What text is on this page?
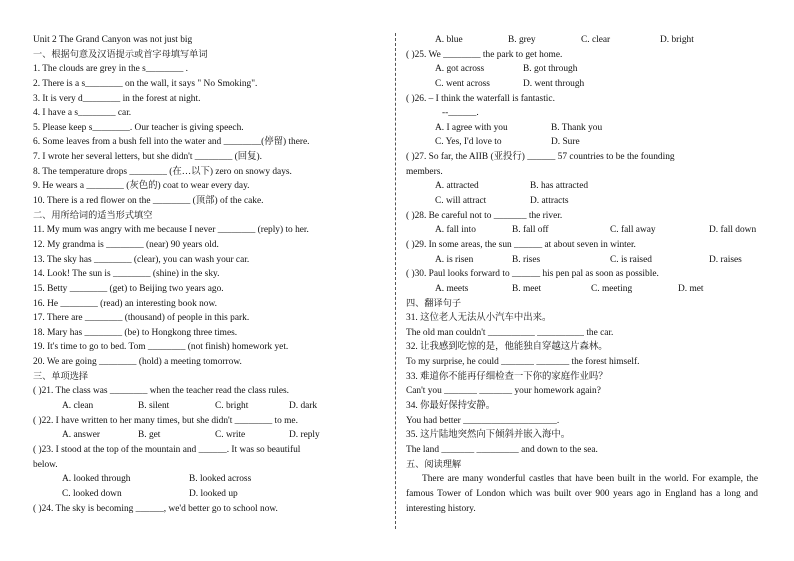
Unit 2 The Grand Canyon was not just big
一、根据句意及汉语提示或首字母填写单词
1. The clouds are grey in the s________ .
2. There is a s________ on the wall, it says " No Smoking".
3. It is very d________ in the forest at night.
4. I have a s________ car.
5. Please keep s________. Our teacher is giving speech.
6. Some leaves from a bush fell into the water and ________(停留) there.
7. I wrote her several letters, but she didn't ________ (回复).
8. The temperature drops ________ (在…以下) zero on snowy days.
9. He wears a ________ (灰色的) coat to wear every day.
10. There is a red flower on the ________ (顶部) of the cake.
二、用所给词的适当形式填空
11. My mum was angry with me because I never ________ (reply) to her.
12. My grandma is ________ (near) 90 years old.
13. The sky has ________ (clear), you can wash your car.
14. Look! The sun is ________ (shine) in the sky.
15. Betty ________ (get) to Beijing two years ago.
16. He ________ (read) an interesting book now.
17. There are ________ (thousand) of people in this park.
18. Mary has ________ (be) to Hongkong three times.
19. It's time to go to bed. Tom ________ (not finish) homework yet.
20. We are going ________ (hold) a meeting tomorrow.
三、单项选择
( )21. The class was ________ when the teacher read the class rules.
A. clean	B. silent	C. bright	D. dark
( )22. I have written to her many times, but she didn't ________ to me.
A. answer	B. get	C. write	D. reply
( )23. I stood at the top of the mountain and ______. It was so beautiful
below.
A. looked through	B. looked across
C. looked down	D. looked up
( )24. The sky is becoming ______, we'd better go to school now.
A. blue	B. grey	C. clear	D. bright
( )25. We ________ the park to get home.
A. got across	B. got through
C. went across	D. went through
( )26. – I think the waterfall is fantastic.
--______.
A. I agree with you	B. Thank you
C. Yes, I'd love to	D. Sure
( )27. So far, the AIIB (亚投行) ______ 57 countries to be the founding
members.
A. attracted	B. has attracted
C. will attract	D. attracts
( )28. Be careful not to _______ the river.
A. fall into	B. fall off	C. fall away	D. fall down
( )29. In some areas, the sun ______ at about seven in winter.
A. is risen	B. rises	C. is raised	D. raises
( )30. Paul looks forward to ______ his pen pal as soon as possible.
A. meets	B. meet	C. meeting	D. met
四、翻译句子
31. 这位老人无法从小汽车中出来。
The old man couldn't __________ __________ the car.
32. 让我感到吃惊的是，他能独自穿越这片森林。
To my surprise, he could _______ _______ the forest himself.
33. 难道你不能再仔细检查一下你的家庭作业吗？
Can't you _______ _______ your homework again?
34. 你最好保持安静。
You had better ____________________.
35. 这片陆地突然向下倾斜并嵌入海中。
The land _______ _________ and down to the sea.
五、阅读理解
There are many wonderful castles that have been built in the world. For example, the famous Tower of London which was built over 900 years ago in England has a long and interesting history.
